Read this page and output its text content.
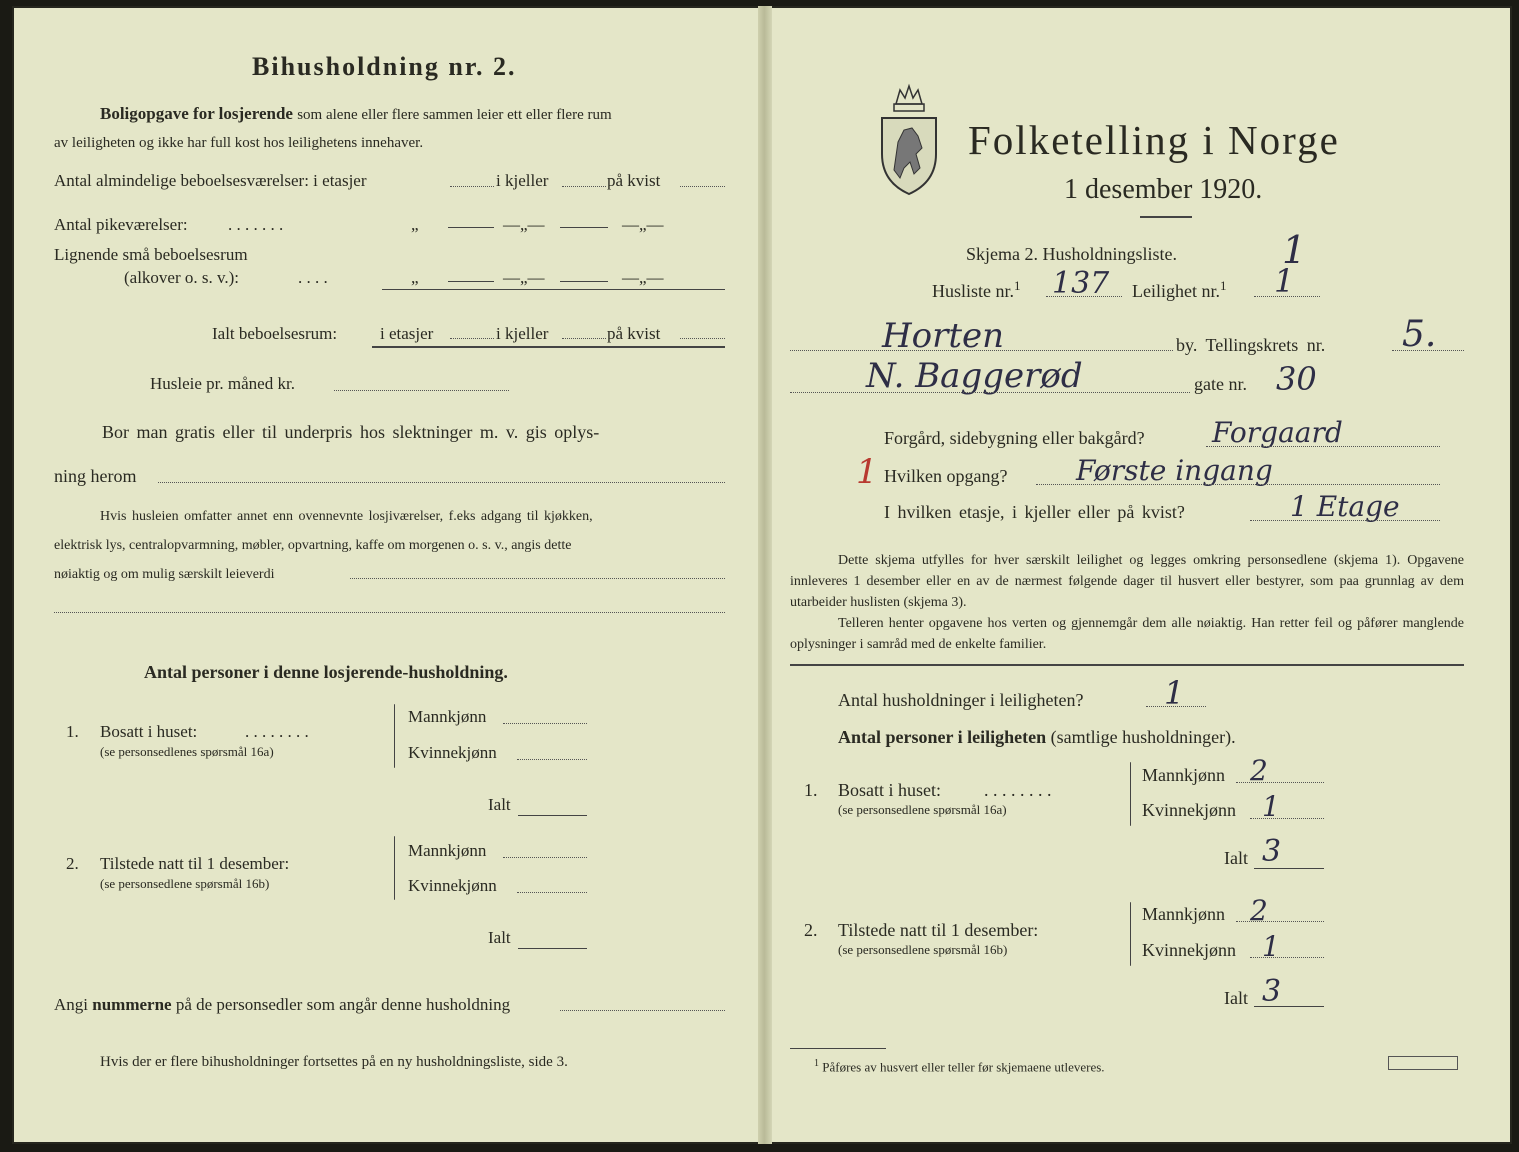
Bihusholdning nr. 2.
Boligopgave for losjerende som alene eller flere sammen leier ett eller flere rum
av leiligheten og ikke har full kost hos leilighetens innehaver.
Antal almindelige beboelsesværelser: i etasjer	i kjeller	på kvist
Antal pikeværelser: . . . . . . .	„	—„—	—„—
Lignende små beboelsesrum
(alkover o. s. v.):	. . . .	„	—„—	—„—
Ialt beboelsesrum:	i etasjer	i kjeller	på kvist
Husleie pr. måned kr.
Bor man gratis eller til underpris hos slektninger m. v. gis oplys-
ning herom
Hvis husleien omfatter annet enn ovennevnte losjiværelser, f.eks adgang til kjøkken,
elektrisk lys, centralopvarmning, møbler, opvartning, kaffe om morgenen o. s. v., angis dette
nøiaktig og om mulig særskilt leieverdi
Antal personer i denne losjerende-husholdning.
1. Bosatt i huset:	. . . . . . . .
(se personsedlenes spørsmål 16a)
Mannkjønn
Kvinnekjønn
Ialt
2. Tilstede natt til 1 desember:
(se personsedlene spørsmål 16b)
Mannkjønn
Kvinnekjønn
Ialt
Angi nummerne på de personsedler som angår denne husholdning
Hvis der er flere bihusholdninger fortsettes på en ny husholdningsliste, side 3.
Folketelling i Norge
1 desember 1920.
Skjema 2. Husholdningsliste.	1
Husliste nr.$^1$ 137 Leilighet nr.$^1$ 1
Horten	by. Tellingskrets nr. 5.
N. Baggerød	gate nr. 30
Forgård, sidebygning eller bakgård? Forgaard
1 Hvilken opgang? Første ingang
I hvilken etasje, i kjeller eller på kvist?	1 Etage
Dette skjema utfylles for hver særskilt leilighet og legges omkring personsedlene (skjema 1). Opgavene innleveres 1 desember eller en av de nærmest følgende dager til husvert eller bestyrer, som paa grunnlag av dem utarbeider huslisten (skjema 3).
Telleren henter opgavene hos verten og gjennemgår dem alle nøiaktig. Han retter feil og påfører manglende oplysninger i samråd med de enkelte familier.
Antal husholdninger i leiligheten?	1
Antal personer i leiligheten (samtlige husholdninger).
1. Bosatt i huset: . . . . . . . .
(se personsedlene spørsmål 16a)
Mannkjønn 2
Kvinnekjønn 1
Ialt 3
2. Tilstede natt til 1 desember:
(se personsedlene spørsmål 16b)
Mannkjønn 2
Kvinnekjønn 1
Ialt 3
$^1$ Påføres av husvert eller teller før skjemaene utleveres.
